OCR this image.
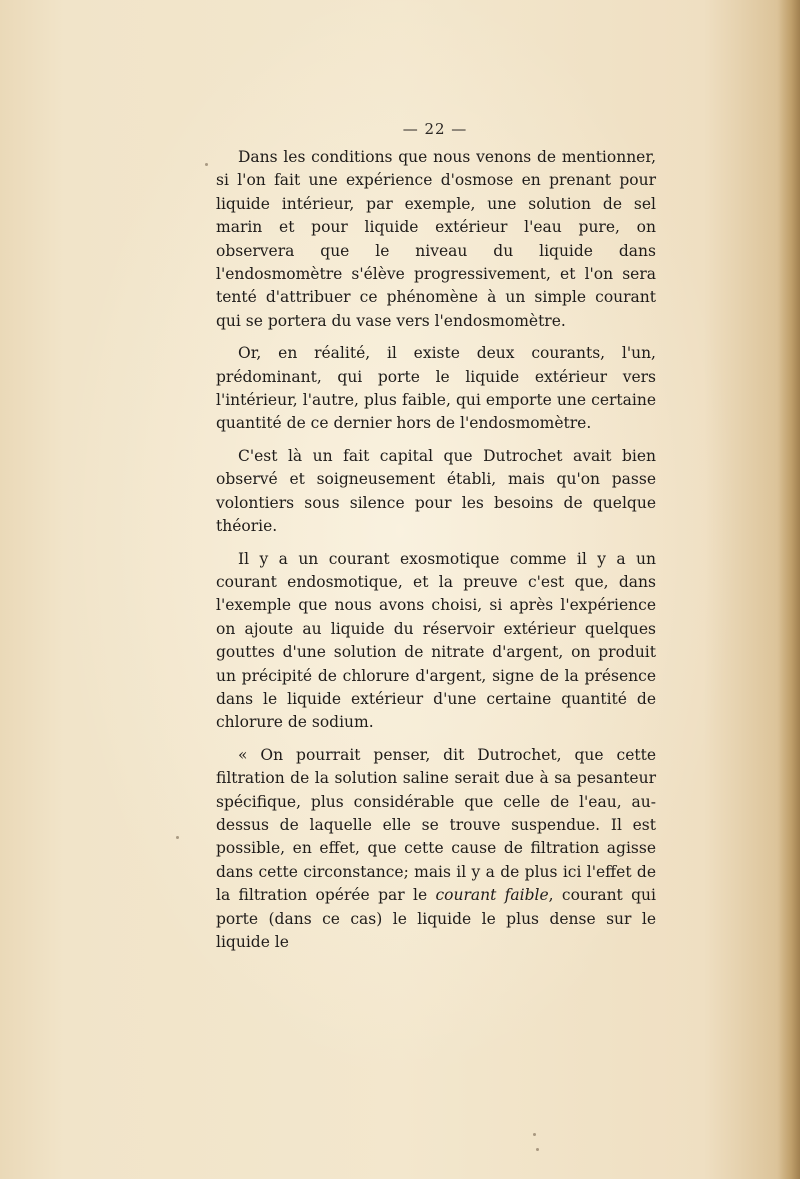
— 22 —

Dans les conditions que nous venons de mentionner, si l'on fait une expérience d'osmose en prenant pour liquide intérieur, par exemple, une solution de sel marin et pour liquide extérieur l'eau pure, on observera que le niveau du liquide dans l'endosmomètre s'élève progressivement, et l'on sera tenté d'attribuer ce phénomène à un simple courant qui se portera du vase vers l'endosmomètre.

Or, en réalité, il existe deux courants, l'un, prédominant, qui porte le liquide extérieur vers l'intérieur, l'autre, plus faible, qui emporte une certaine quantité de ce dernier hors de l'endosmomètre.

C'est là un fait capital que Dutrochet avait bien observé et soigneusement établi, mais qu'on passe volontiers sous silence pour les besoins de quelque théorie.

Il y a un courant exosmotique comme il y a un courant endosmotique, et la preuve c'est que, dans l'exemple que nous avons choisi, si après l'expérience on ajoute au liquide du réservoir extérieur quelques gouttes d'une solution de nitrate d'argent, on produit un précipité de chlorure d'argent, signe de la présence dans le liquide extérieur d'une certaine quantité de chlorure de sodium.

« On pourrait penser, dit Dutrochet, que cette filtration de la solution saline serait due à sa pesanteur spécifique, plus considérable que celle de l'eau, au-dessus de laquelle elle se trouve suspendue. Il est possible, en effet, que cette cause de filtration agisse dans cette circonstance; mais il y a de plus ici l'effet de la filtration opérée par le courant faible, courant qui porte (dans ce cas) le liquide le plus dense sur le liquide le
